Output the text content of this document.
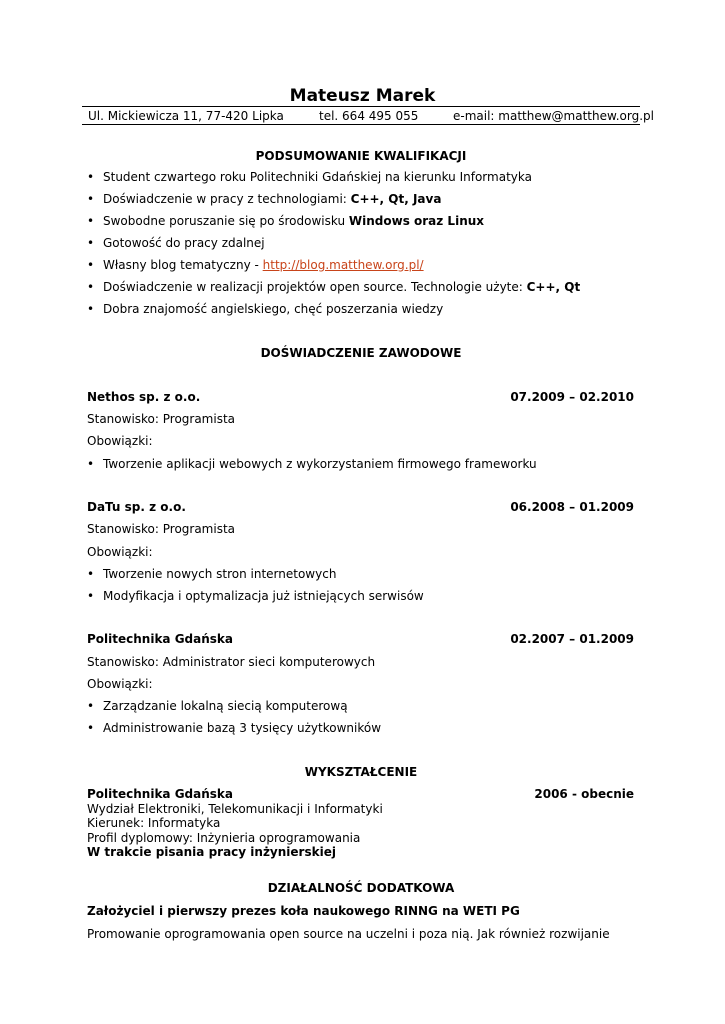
Mateusz Marek
Ul. Mickiewicza 11, 77-420 Lipka	tel. 664 495 055	e-mail: matthew@matthew.org.pl
PODSUMOWANIE KWALIFIKACJI
• Student czwartego roku Politechniki Gdańskiej na kierunku Informatyka
• Doświadczenie w pracy z technologiami: C++, Qt, Java
• Swobodne poruszanie się po środowisku Windows oraz Linux
• Gotowość do pracy zdalnej
• Własny blog tematyczny - http://blog.matthew.org.pl/
• Doświadczenie w realizacji projektów open source. Technologie użyte: C++, Qt
• Dobra znajomość angielskiego, chęć poszerzania wiedzy
DOŚWIADCZENIE ZAWODOWE
Nethos sp. z o.o.	07.2009 – 02.2010
Stanowisko: Programista
Obowiązki:
• Tworzenie aplikacji webowych z wykorzystaniem firmowego frameworku
DaTu sp. z o.o.	06.2008 – 01.2009
Stanowisko: Programista
Obowiązki:
• Tworzenie nowych stron internetowych
• Modyfikacja i optymalizacja już istniejących serwisów
Politechnika Gdańska	02.2007 – 01.2009
Stanowisko: Administrator sieci komputerowych
Obowiązki:
• Zarządzanie lokalną siecią komputerową
• Administrowanie bazą 3 tysięcy użytkowników
WYKSZTAŁCENIE
Politechnika Gdańska	2006 - obecnie
Wydział Elektroniki, Telekomunikacji i Informatyki
Kierunek: Informatyka
Profil dyplomowy: Inżynieria oprogramowania
W trakcie pisania pracy inżynierskiej
DZIAŁALNOŚĆ DODATKOWA
Założyciel i pierwszy prezes koła naukowego RINNG na WETI PG
Promowanie oprogramowania open source na uczelni i poza nią. Jak również rozwijanie
